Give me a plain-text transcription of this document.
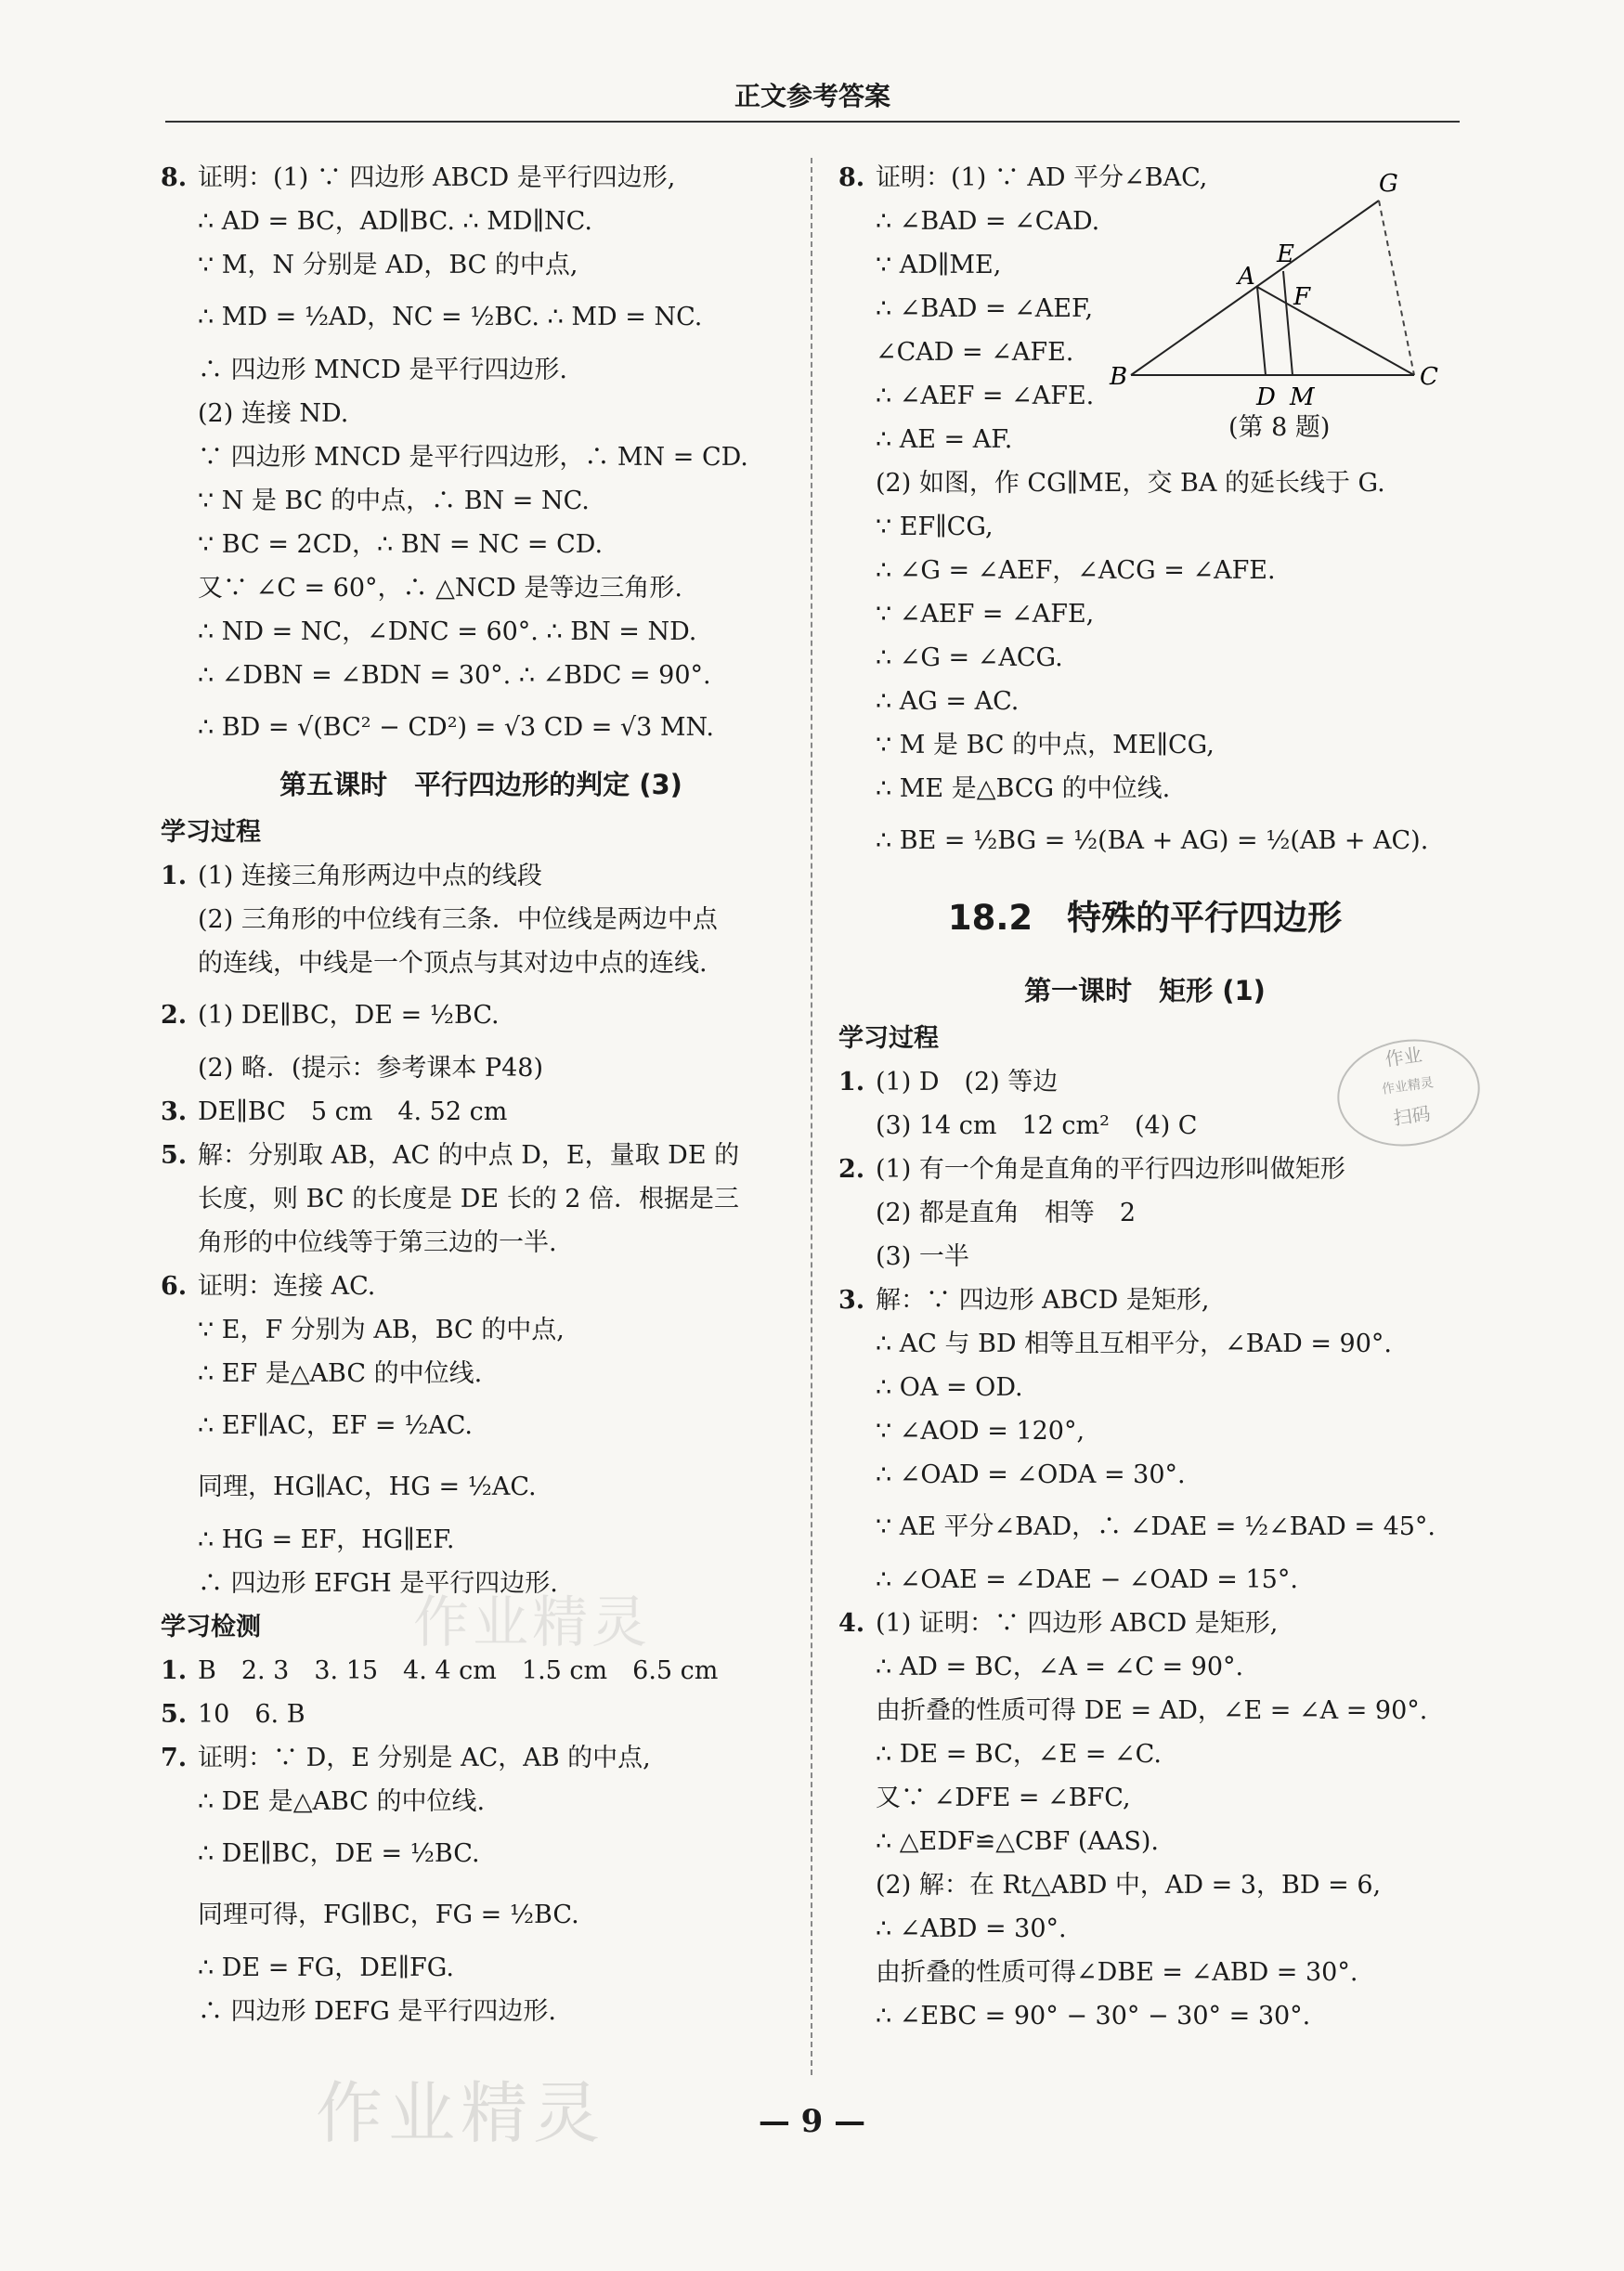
正文参考答案
8. 证明：(1) ∵ 四边形 ABCD 是平行四边形,
∴ AD = BC，AD∥BC. ∴ MD∥NC.
∵ M，N 分别是 AD，BC 的中点,
∴ MD = ½AD，NC = ½BC. ∴ MD = NC.
∴ 四边形 MNCD 是平行四边形.
(2) 连接 ND.
∵ 四边形 MNCD 是平行四边形，∴ MN = CD.
∵ N 是 BC 的中点，∴ BN = NC.
∵ BC = 2CD，∴ BN = NC = CD.
又∵ ∠C = 60°，∴ △NCD 是等边三角形.
∴ ND = NC，∠DNC = 60°. ∴ BN = ND.
∴ ∠DBN = ∠BDN = 30°. ∴ ∠BDC = 90°.
∴ BD = √(BC² − CD²) = √3 CD = √3 MN.
第五课时　平行四边形的判定 (3)
学习过程
1. (1) 连接三角形两边中点的线段
(2) 三角形的中位线有三条．中位线是两边中点
的连线，中线是一个顶点与其对边中点的连线.
2. (1) DE∥BC，DE = ½BC.
(2) 略．(提示：参考课本 P48)
3. DE∥BC　5 cm　4. 52 cm
5. 解：分别取 AB，AC 的中点 D，E，量取 DE 的
长度，则 BC 的长度是 DE 长的 2 倍．根据是三
角形的中位线等于第三边的一半.
6. 证明：连接 AC.
∵ E，F 分别为 AB，BC 的中点,
∴ EF 是△ABC 的中位线.
∴ EF∥AC，EF = ½AC.
同理，HG∥AC，HG = ½AC.
∴ HG = EF，HG∥EF.
∴ 四边形 EFGH 是平行四边形.
学习检测
1. B　2. 3　3. 15　4. 4 cm　1.5 cm　6.5 cm
5. 10　6. B
7. 证明：∵ D，E 分别是 AC，AB 的中点,
∴ DE 是△ABC 的中位线.
∴ DE∥BC，DE = ½BC.
同理可得，FG∥BC，FG = ½BC.
∴ DE = FG，DE∥FG.
∴ 四边形 DEFG 是平行四边形.
G
E
A
F
B
D M
C
(第 8 题)
8. 证明：(1) ∵ AD 平分∠BAC,
∴ ∠BAD = ∠CAD.
∵ AD∥ME,
∴ ∠BAD = ∠AEF,
∠CAD = ∠AFE.
∴ ∠AEF = ∠AFE.
∴ AE = AF.
(2) 如图，作 CG∥ME，交 BA 的延长线于 G.
∵ EF∥CG,
∴ ∠G = ∠AEF，∠ACG = ∠AFE.
∵ ∠AEF = ∠AFE,
∴ ∠G = ∠ACG.
∴ AG = AC.
∵ M 是 BC 的中点，ME∥CG,
∴ ME 是△BCG 的中位线.
∴ BE = ½BG = ½(BA + AG) = ½(AB + AC).
18.2　特殊的平行四边形
第一课时　矩形 (1)
学习过程
1. (1) D　(2) 等边
(3) 14 cm　12 cm²　(4) C
2. (1) 有一个角是直角的平行四边形叫做矩形
(2) 都是直角　相等　2
(3) 一半
3. 解：∵ 四边形 ABCD 是矩形,
∴ AC 与 BD 相等且互相平分，∠BAD = 90°.
∴ OA = OD.
∵ ∠AOD = 120°,
∴ ∠OAD = ∠ODA = 30°.
∵ AE 平分∠BAD，∴ ∠DAE = ½∠BAD = 45°.
∴ ∠OAE = ∠DAE − ∠OAD = 15°.
4. (1) 证明：∵ 四边形 ABCD 是矩形,
∴ AD = BC，∠A = ∠C = 90°.
由折叠的性质可得 DE = AD，∠E = ∠A = 90°.
∴ DE = BC，∠E = ∠C.
又∵ ∠DFE = ∠BFC,
∴ △EDF≌△CBF (AAS).
(2) 解：在 Rt△ABD 中，AD = 3，BD = 6,
∴ ∠ABD = 30°.
由折叠的性质可得∠DBE = ∠ABD = 30°.
∴ ∠EBC = 90° − 30° − 30° = 30°.
作业精灵
作业
作业精灵
扫码
— 9 —
作业精灵
